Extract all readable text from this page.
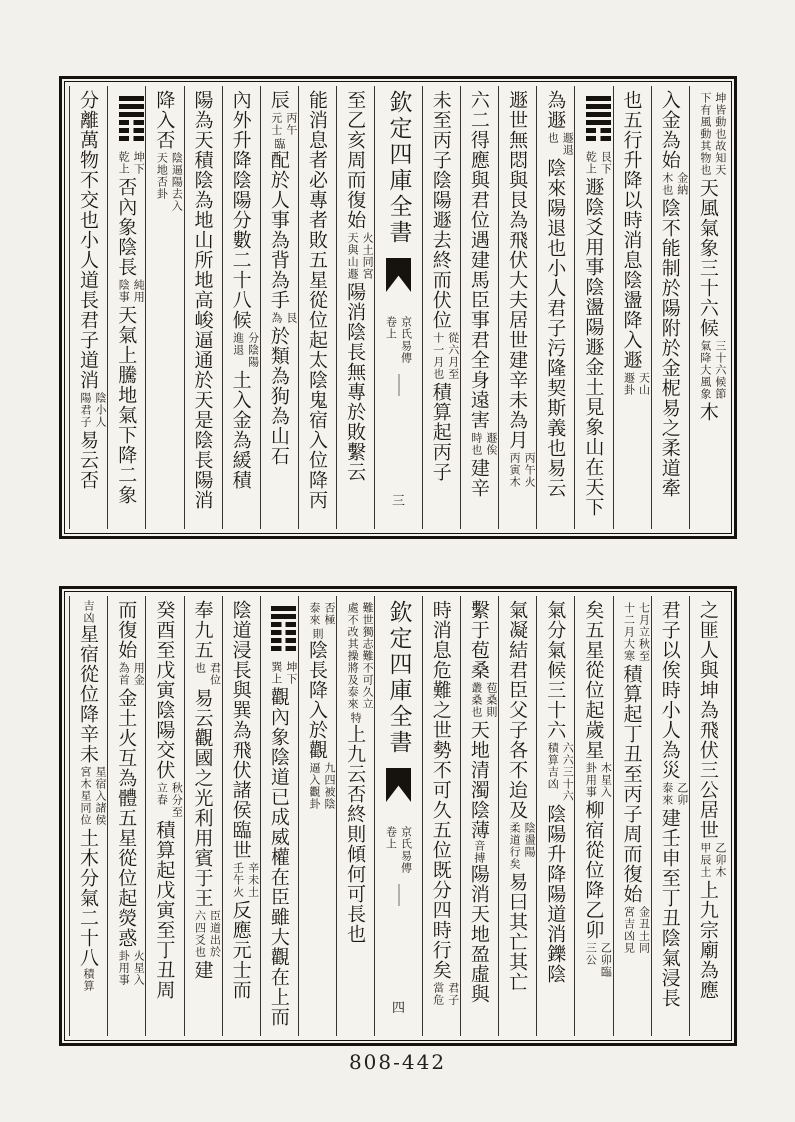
坤皆動也故知天
下有風動其物也
天風氣象三十六候
三十六候節
氣降大風象
木
入金為始
金納
木也
陰不能制於陽附於金柅易之柔道牽
也五行升降以時消息陰盪降入遯
天山
遯卦
艮下
乾上
遯陰爻用事陰盪陽遯金土見象山在天下
為遯
遯退
也
陰來陽退也小人君子污隆契斯義也易云
遯世無悶與艮為飛伏大夫居世建辛未為月
丙午火
丙寅木
六二得應與君位遇建馬臣事君全身遠害
遯俟
時也
建辛
未至丙子陰陽遯去終而伏位
從六月至
十一月也
積算起丙子
欽定四庫全書
京氏易傳
卷上
三
至乙亥周而復始
火土同宮
天與山遯
陽消陰長無專於敗繫云
能消息者必專者敗五星從位起太陰鬼宿入位降丙
辰
丙午
元士
臨配於人事為背為手
艮
為
於類為狗為山石
內外升降陰陽分數二十八候
分陰陽
進退
土入金為緩積
陽為天積陰為地山所地高峻逼通於天是陰長陽消
降入否
陰逼陽去入
天地否卦
坤下
乾上
否內象陰長
純用
陰事
天氣上騰地氣下降二象
分離萬物不交也小人道長君子道消
陰小人
陽君子
易云否
之匪人與坤為飛伏三公居世
乙卯木
甲辰土
上九宗廟為應
君子以俟時小人為災
乙卯
泰來
建壬申至丁丑陰氣浸長
七月立秋至
十二月大寒
積算起丁丑至丙子周而復始
金丑土同
宮吉凶見
矣五星從位起歲星
木星入
卦用事
柳宿從位降乙卯
乙卯臨
三公
氣分氣候三十六
六六三十六
積算吉凶
陰陽升降陽道消鑠陰
氣凝結君臣父子各不迨及
陰盪陽
柔道行矣
易曰其亡其亡
繫于苞桑
苞桑則
叢桑也
天地清濁陰薄音搏陽消天地盈虛與
時消息危難之世勢不可久五位既分四時行矣
君子
當危
欽定四庫全書
京氏易傳
卷上
四
難世獨志難不可久立
處不改其操將及泰來
特上九云否終則傾何可長也
否極
泰來
則陰長降入於觀
九四被陰
逼入觀卦
坤下
巽上
觀內象陰道已成威權在臣雖大觀在上而
陰道浸長與巽為飛伏諸侯臨世
辛未土
壬午火
反應元士而
奉九五
君位
也
易云觀國之光利用賓于王
臣道出於
六四爻也
建
癸酉至戊寅陰陽交伏
秋分至
立春
積算起戊寅至丁丑周
而復始
用金
為首
金土火互為體五星從位起熒惑
火星入
卦用事
吉凶星宿從位降辛未
星宿入諸侯
宮木星同位
土木分氣二十八積算
808-442
